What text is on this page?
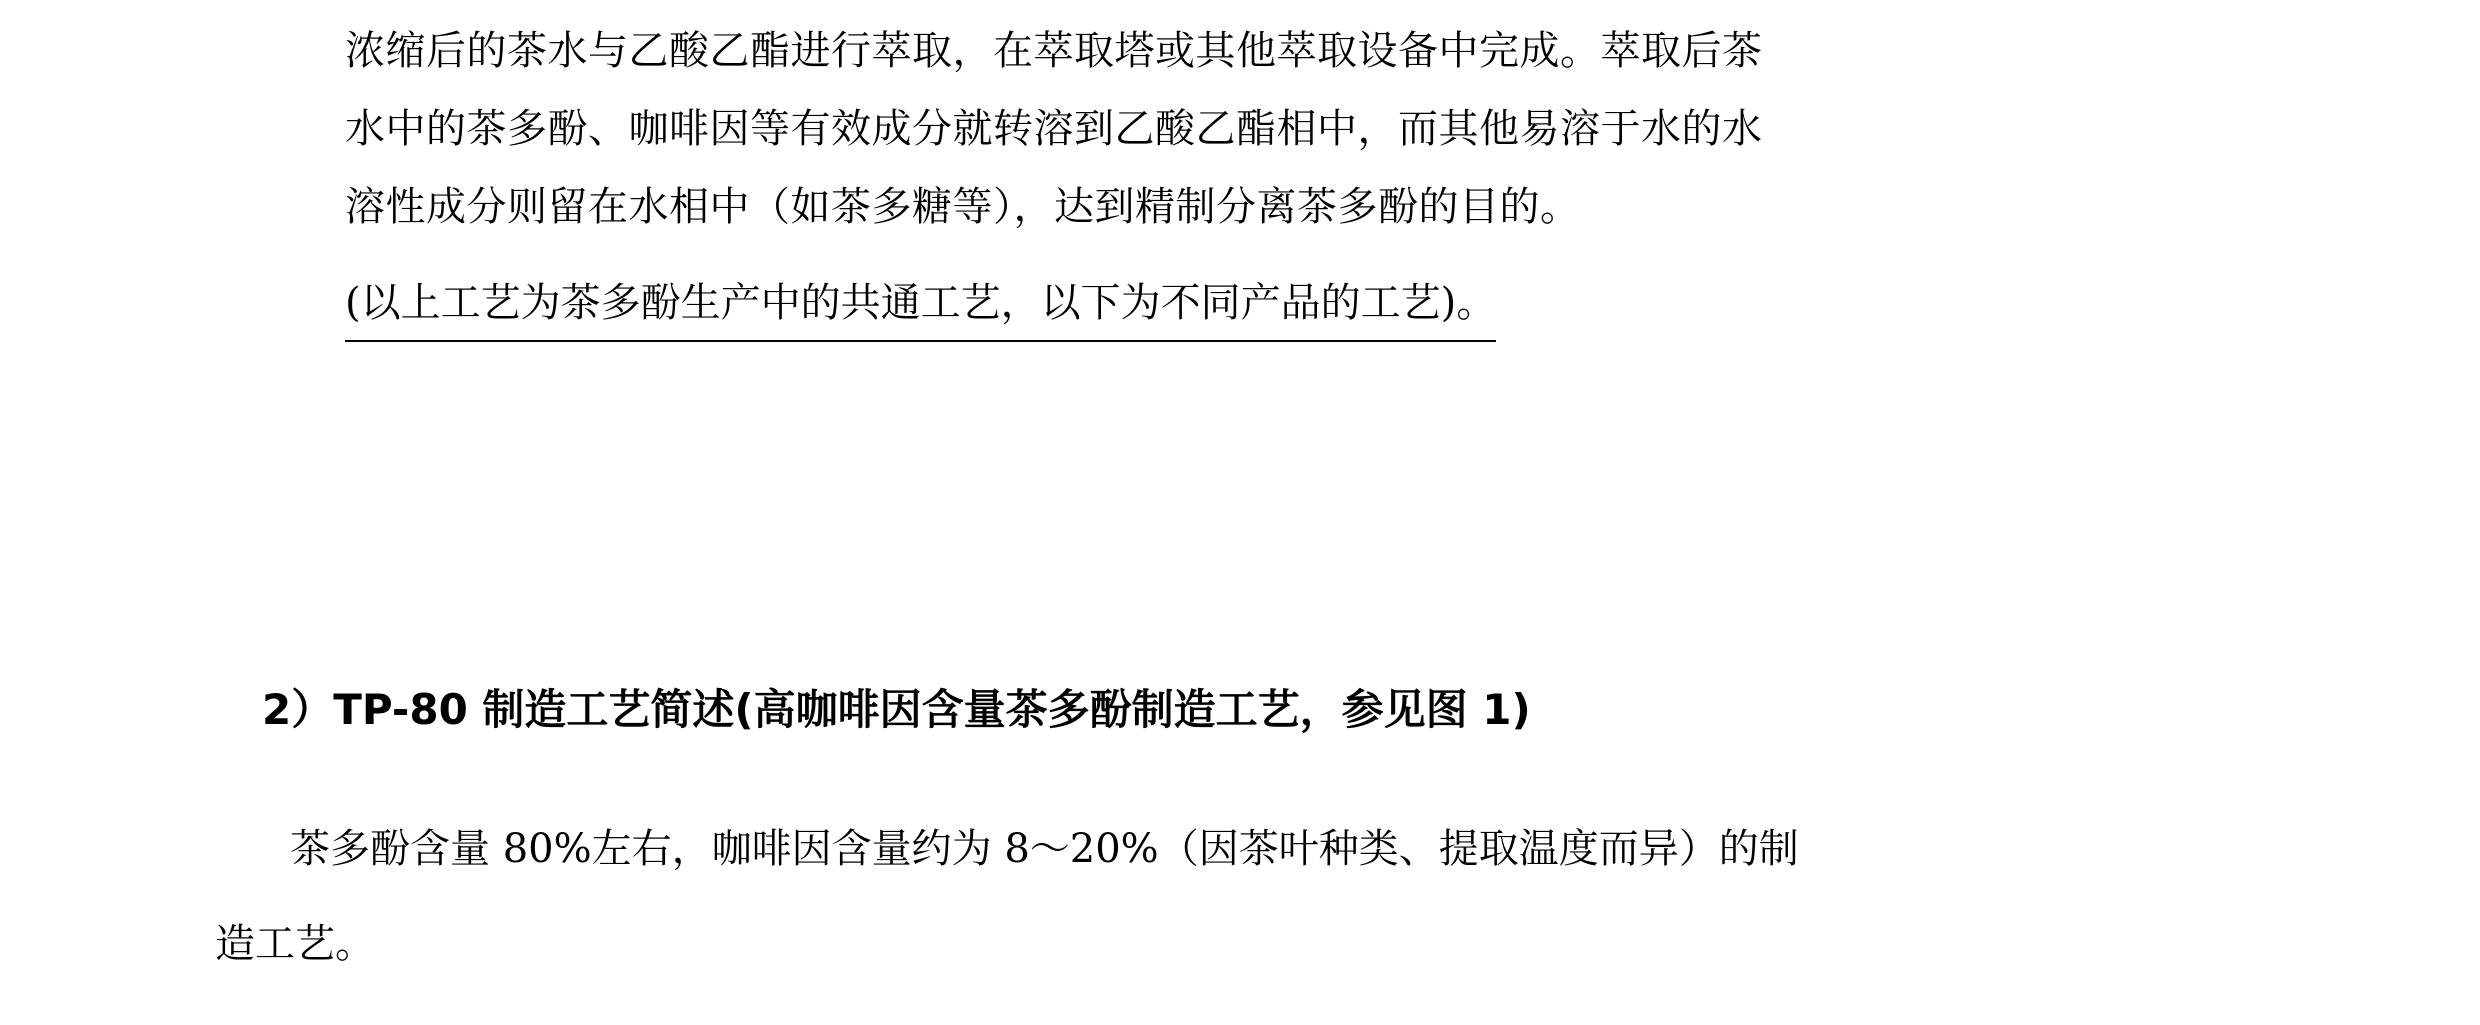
浓缩后的茶水与乙酸乙酯进行萃取，在萃取塔或其他萃取设备中完成。萃取后茶
水中的茶多酚、咖啡因等有效成分就转溶到乙酸乙酯相中，而其他易溶于水的水
溶性成分则留在水相中（如茶多糖等），达到精制分离茶多酚的目的。
(以上工艺为茶多酚生产中的共通工艺，以下为不同产品的工艺)。
2）TP-80 制造工艺简述(高咖啡因含量茶多酚制造工艺，参见图 1)
茶多酚含量 80%左右，咖啡因含量约为 8～20%（因茶叶种类、提取温度而异）的制
造工艺。
